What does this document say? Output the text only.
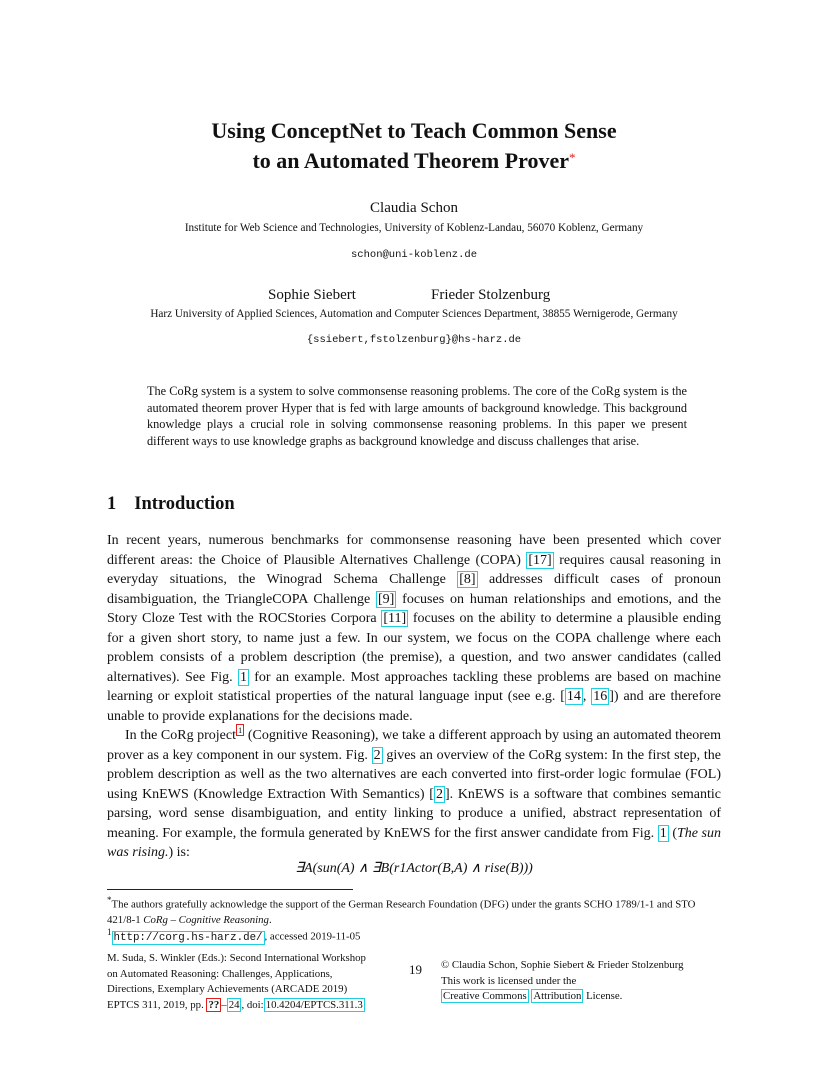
Using ConceptNet to Teach Common Sense
to an Automated Theorem Prover*
Claudia Schon
Institute for Web Science and Technologies, University of Koblenz-Landau, 56070 Koblenz, Germany
schon@uni-koblenz.de
Sophie Siebert	Frieder Stolzenburg
Harz University of Applied Sciences, Automation and Computer Sciences Department, 38855 Wernigerode, Germany
{ssiebert,fstolzenburg}@hs-harz.de
The CoRg system is a system to solve commonsense reasoning problems. The core of the CoRg system is the automated theorem prover Hyper that is fed with large amounts of background knowledge. This background knowledge plays a crucial role in solving commonsense reasoning problems. In this paper we present different ways to use knowledge graphs as background knowledge and discuss challenges that arise.
1 Introduction

In recent years, numerous benchmarks for commonsense reasoning have been presented which cover different areas: the Choice of Plausible Alternatives Challenge (COPA) [17] requires causal reasoning in everyday situations, the Winograd Schema Challenge [8] addresses difficult cases of pronoun disambiguation, the TriangleCOPA Challenge [9] focuses on human relationships and emotions, and the Story Cloze Test with the ROCStories Corpora [11] focuses on the ability to determine a plausible ending for a given short story, to name just a few. In our system, we focus on the COPA challenge where each problem consists of a problem description (the premise), a question, and two answer candidates (called alternatives). See Fig. 1 for an example. Most approaches tackling these problems are based on machine learning or exploit statistical properties of the natural language input (see e.g. [ 14 , 16 ]) and are therefore unable to provide explanations for the decisions made.

In the CoRg project $^1$ (Cognitive Reasoning), we take a different approach by using an automated theorem prover as a key component in our system. Fig. 2 gives an overview of the CoRg system: In the first step, the problem description as well as the two alternatives are each converted into first-order logic formulae (FOL) using KnEWS (Knowledge Extraction With Semantics) [ 2 ]. KnEWS is a software that combines semantic parsing, word sense disambiguation, and entity linking to produce a unified, abstract representation of meaning. For example, the formula generated by KnEWS for the first answer candidate from Fig. 1 (The sun was rising.) is:

∃A(sun(A) ∧ ∃B(r1Actor(B,A) ∧ rise(B)))
*The authors gratefully acknowledge the support of the German Research Foundation (DFG) under the grants SCHO 1789/1-1 and STO 421/8-1 CoRg – Cognitive Reasoning.
$^1$ http://corg.hs-harz.de/ , accessed 2019-11-05
M. Suda, S. Winkler (Eds.): Second International Workshop
on Automated Reasoning: Challenges, Applications,
Directions, Exemplary Achievements (ARCADE 2019)
EPTCS 311, 2019, pp. ?? – 24 , doi: 10.4204/EPTCS.311.3
19 © Claudia Schon, Sophie Siebert & Frieder Stolzenburg
This work is licensed under the
Creative Commons Attribution License.
